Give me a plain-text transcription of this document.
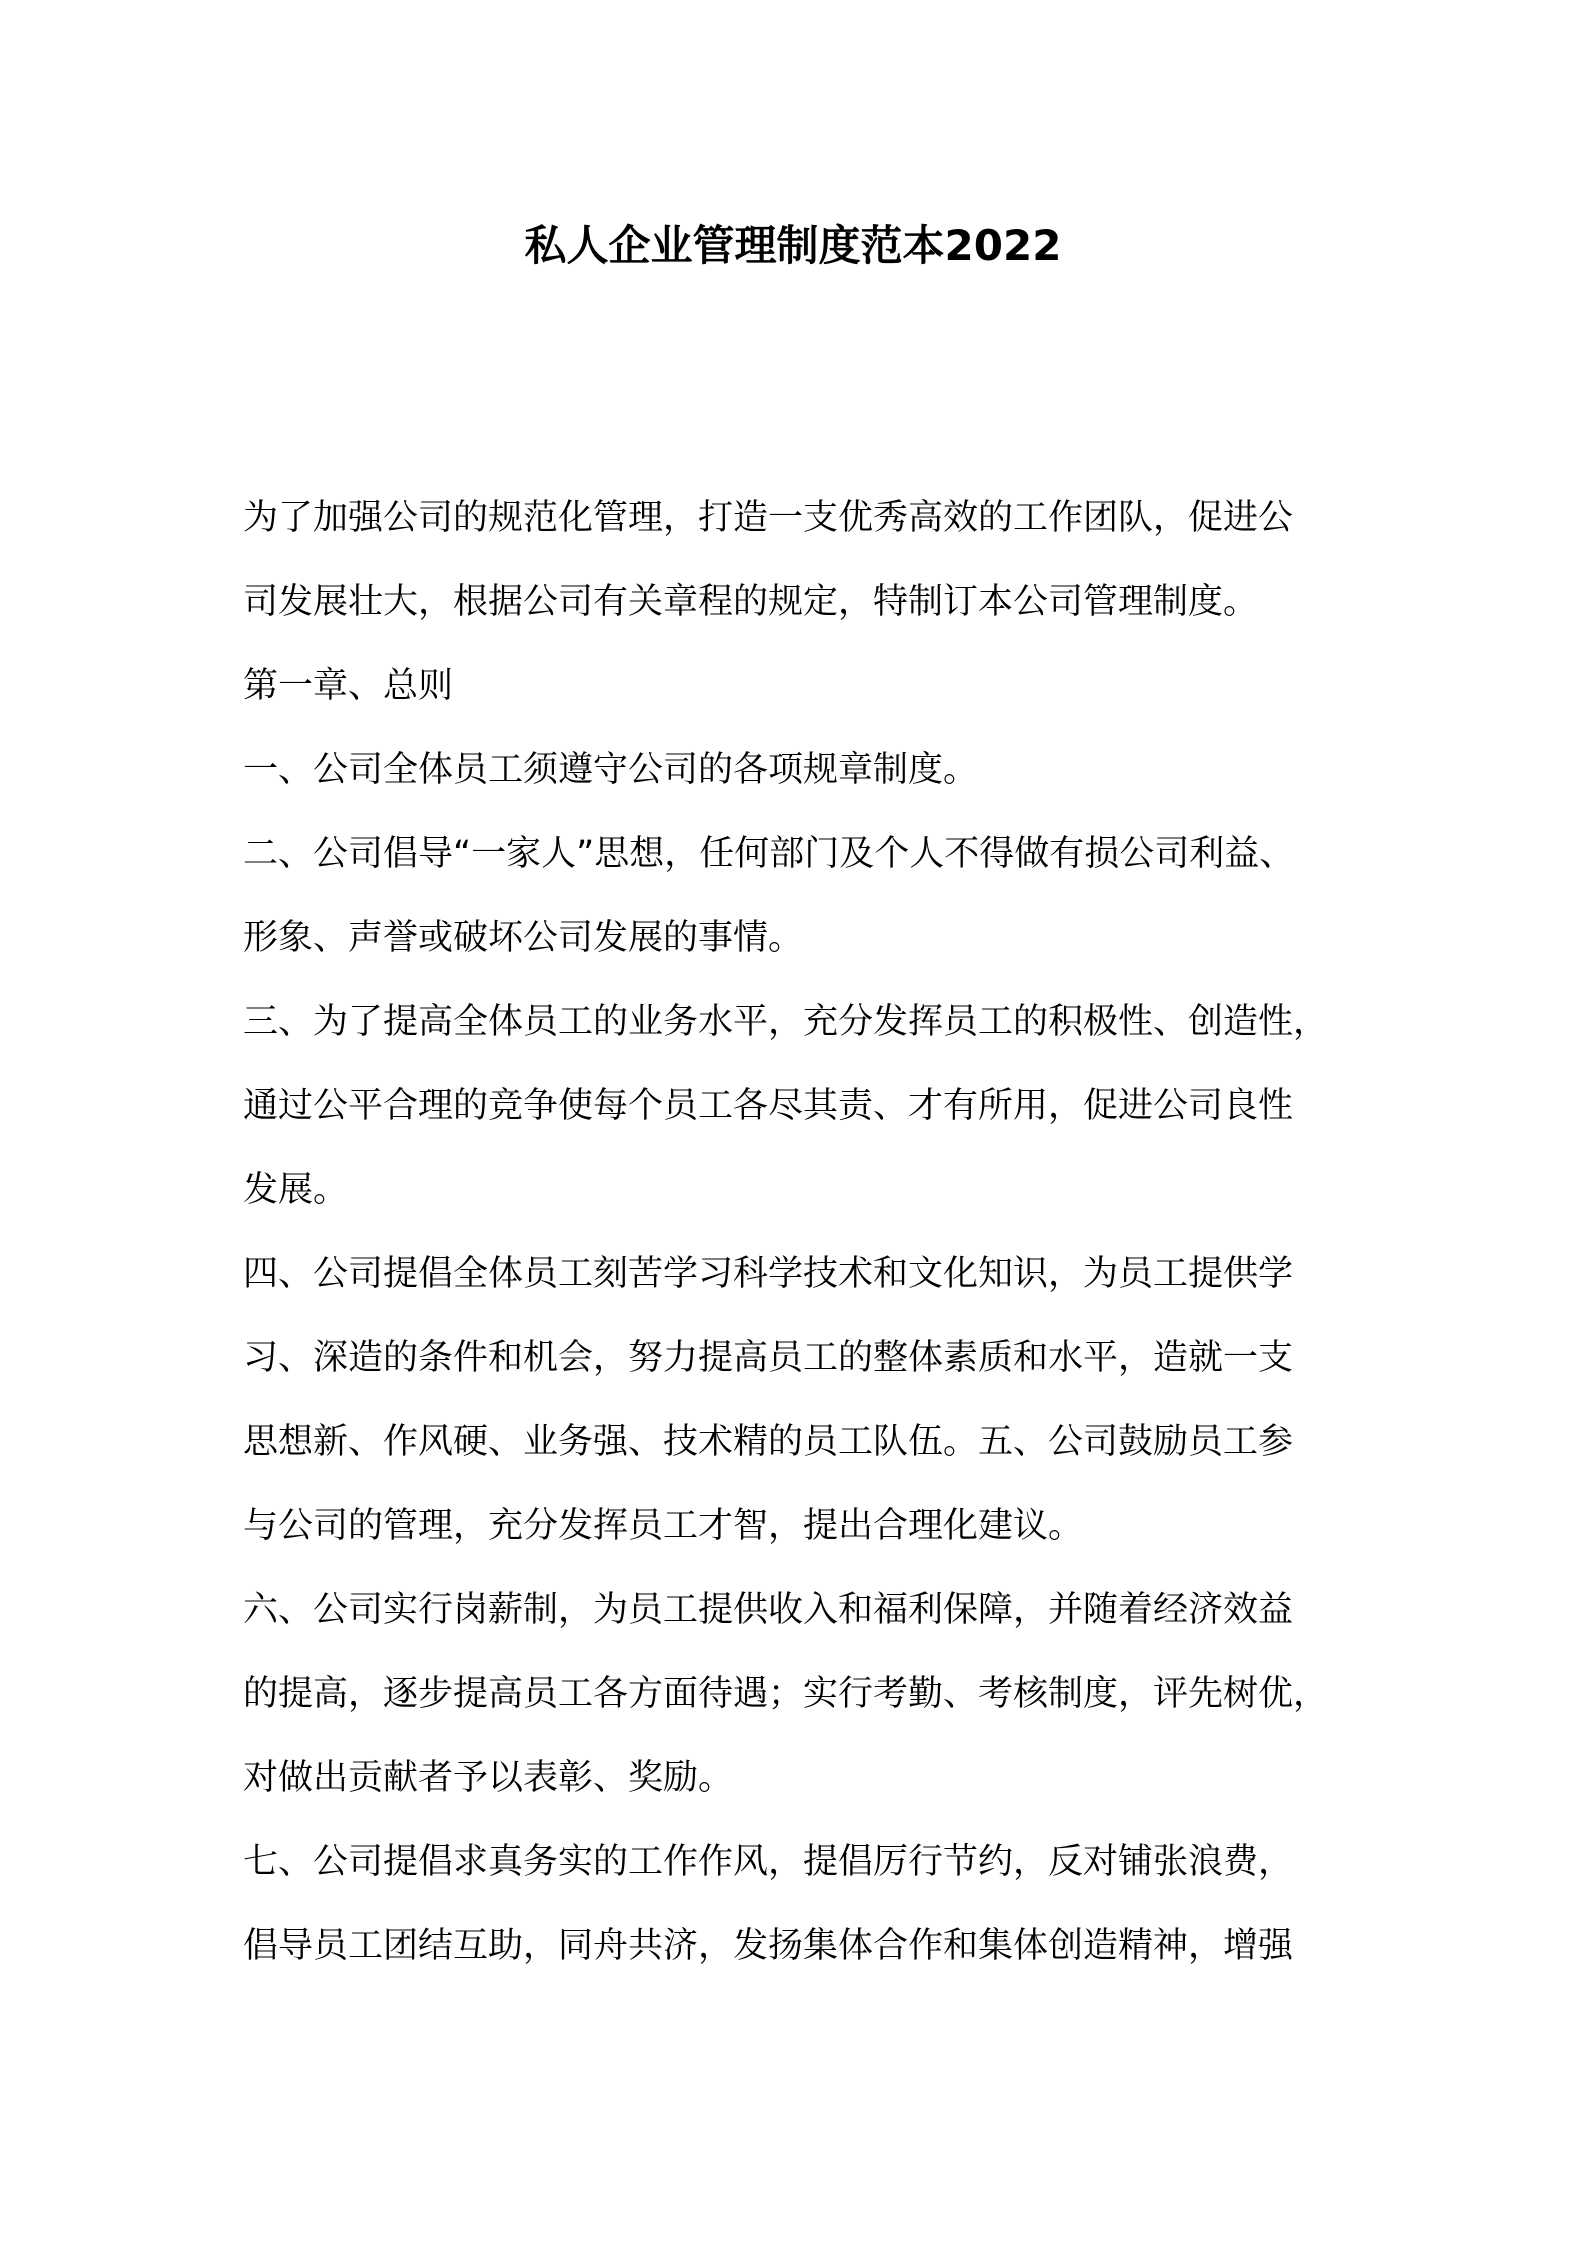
私人企业管理制度范本2022
为了加强公司的规范化管理，打造一支优秀高效的工作团队，促进公
司发展壮大，根据公司有关章程的规定，特制订本公司管理制度。
第一章、总则
一、公司全体员工须遵守公司的各项规章制度。
二、公司倡导“一家人”思想，任何部门及个人不得做有损公司利益、
形象、声誉或破坏公司发展的事情。
三、为了提高全体员工的业务水平，充分发挥员工的积极性、创造性，
通过公平合理的竞争使每个员工各尽其责、才有所用，促进公司良性
发展。
四、公司提倡全体员工刻苦学习科学技术和文化知识，为员工提供学
习、深造的条件和机会，努力提高员工的整体素质和水平，造就一支
思想新、作风硬、业务强、技术精的员工队伍。五、公司鼓励员工参
与公司的管理，充分发挥员工才智，提出合理化建议。
六、公司实行岗薪制，为员工提供收入和福利保障，并随着经济效益
的提高，逐步提高员工各方面待遇；实行考勤、考核制度，评先树优，
对做出贡献者予以表彰、奖励。
七、公司提倡求真务实的工作作风，提倡厉行节约，反对铺张浪费，
倡导员工团结互助，同舟共济，发扬集体合作和集体创造精神，增强
